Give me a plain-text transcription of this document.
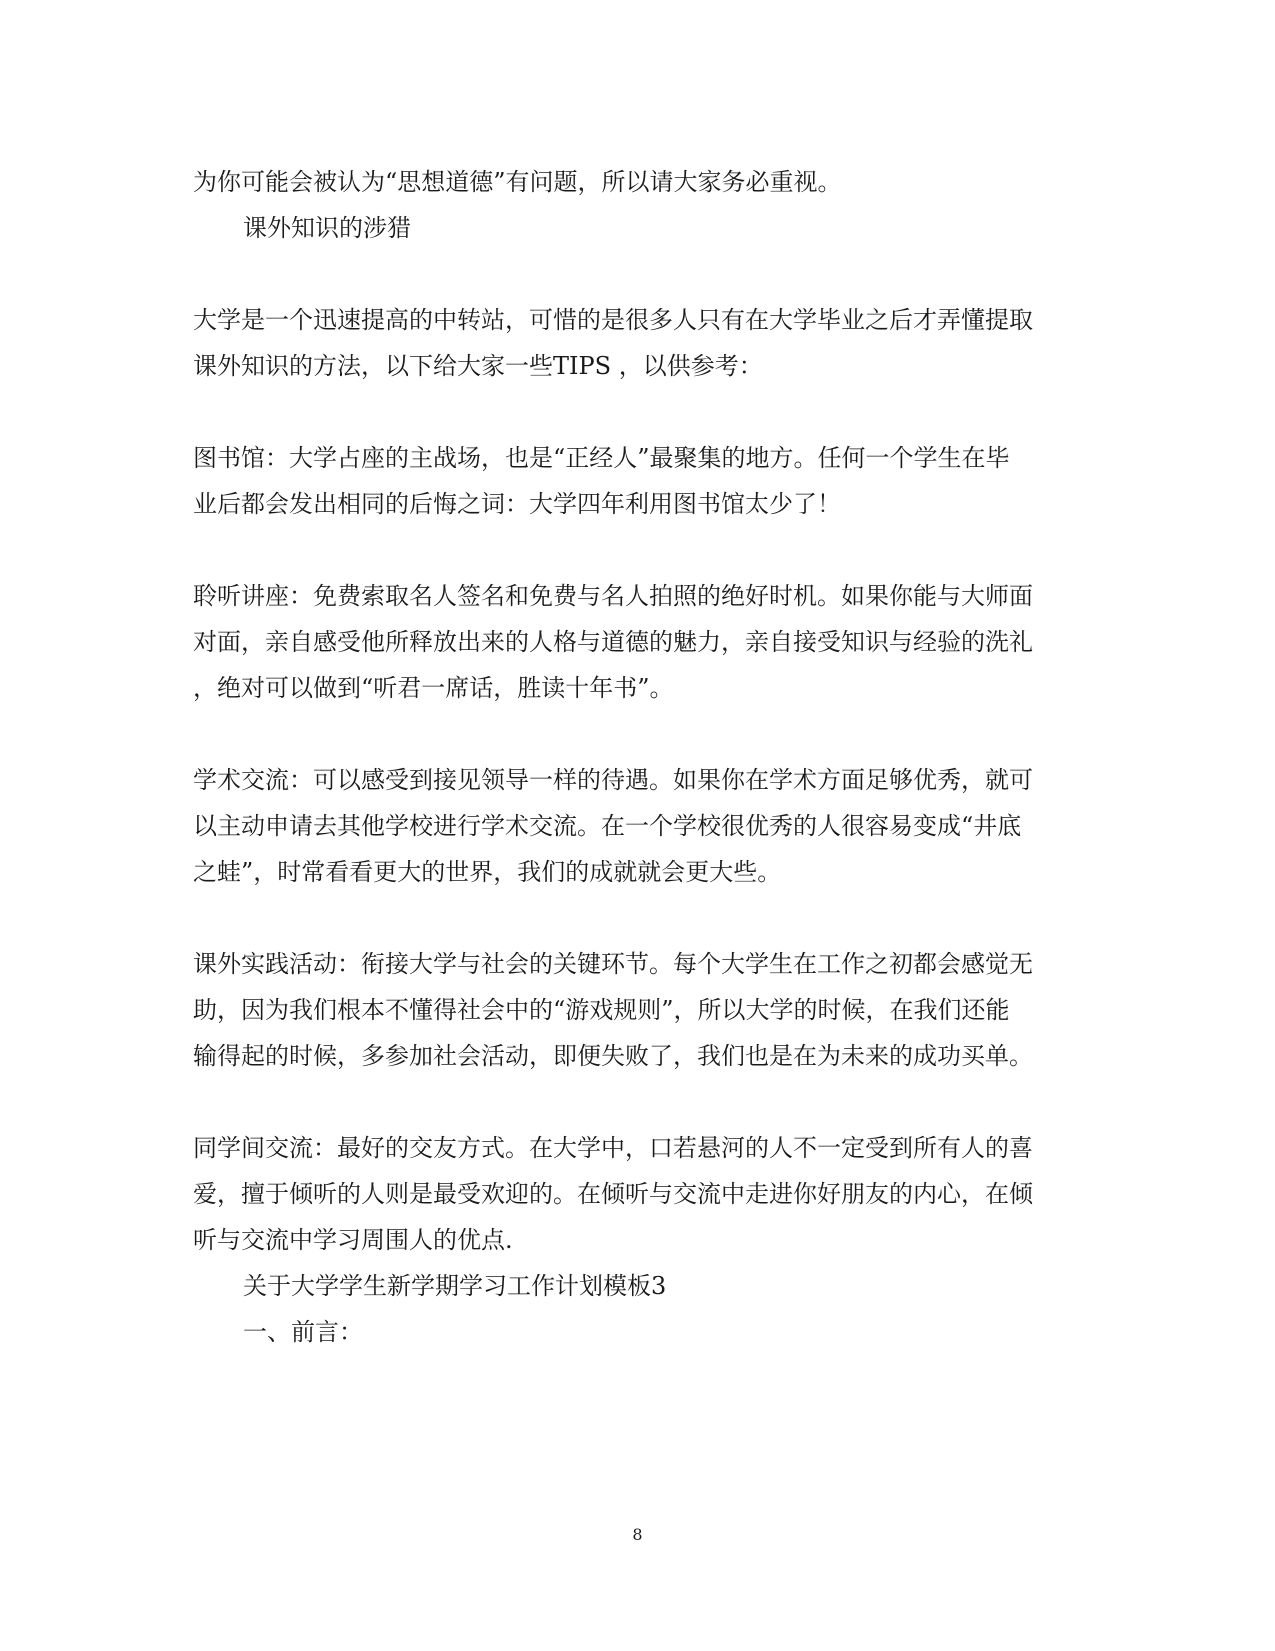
为你可能会被认为“思想道德”有问题，所以请大家务必重视。

课外知识的涉猎

大学是一个迅速提高的中转站，可惜的是很多人只有在大学毕业之后才弄懂提取

课外知识的方法，以下给大家一些TIPS ，以供参考：

图书馆：大学占座的主战场，也是“正经人”最聚集的地方。任何一个学生在毕

业后都会发出相同的后悔之词：大学四年利用图书馆太少了！

聆听讲座：免费索取名人签名和免费与名人拍照的绝好时机。如果你能与大师面

对面，亲自感受他所释放出来的人格与道德的魅力，亲自接受知识与经验的洗礼

，绝对可以做到“听君一席话，胜读十年书”。

学术交流：可以感受到接见领导一样的待遇。如果你在学术方面足够优秀，就可

以主动申请去其他学校进行学术交流。在一个学校很优秀的人很容易变成“井底

之蛙”，时常看看更大的世界，我们的成就就会更大些。

课外实践活动：衔接大学与社会的关键环节。每个大学生在工作之初都会感觉无

助，因为我们根本不懂得社会中的“游戏规则”，所以大学的时候，在我们还能

输得起的时候，多参加社会活动，即便失败了，我们也是在为未来的成功买单。

同学间交流：最好的交友方式。在大学中，口若悬河的人不一定受到所有人的喜

爱，擅于倾听的人则是最受欢迎的。在倾听与交流中走进你好朋友的内心，在倾

听与交流中学习周围人的优点.

关于大学学生新学期学习工作计划模板3

一、前言：

8
